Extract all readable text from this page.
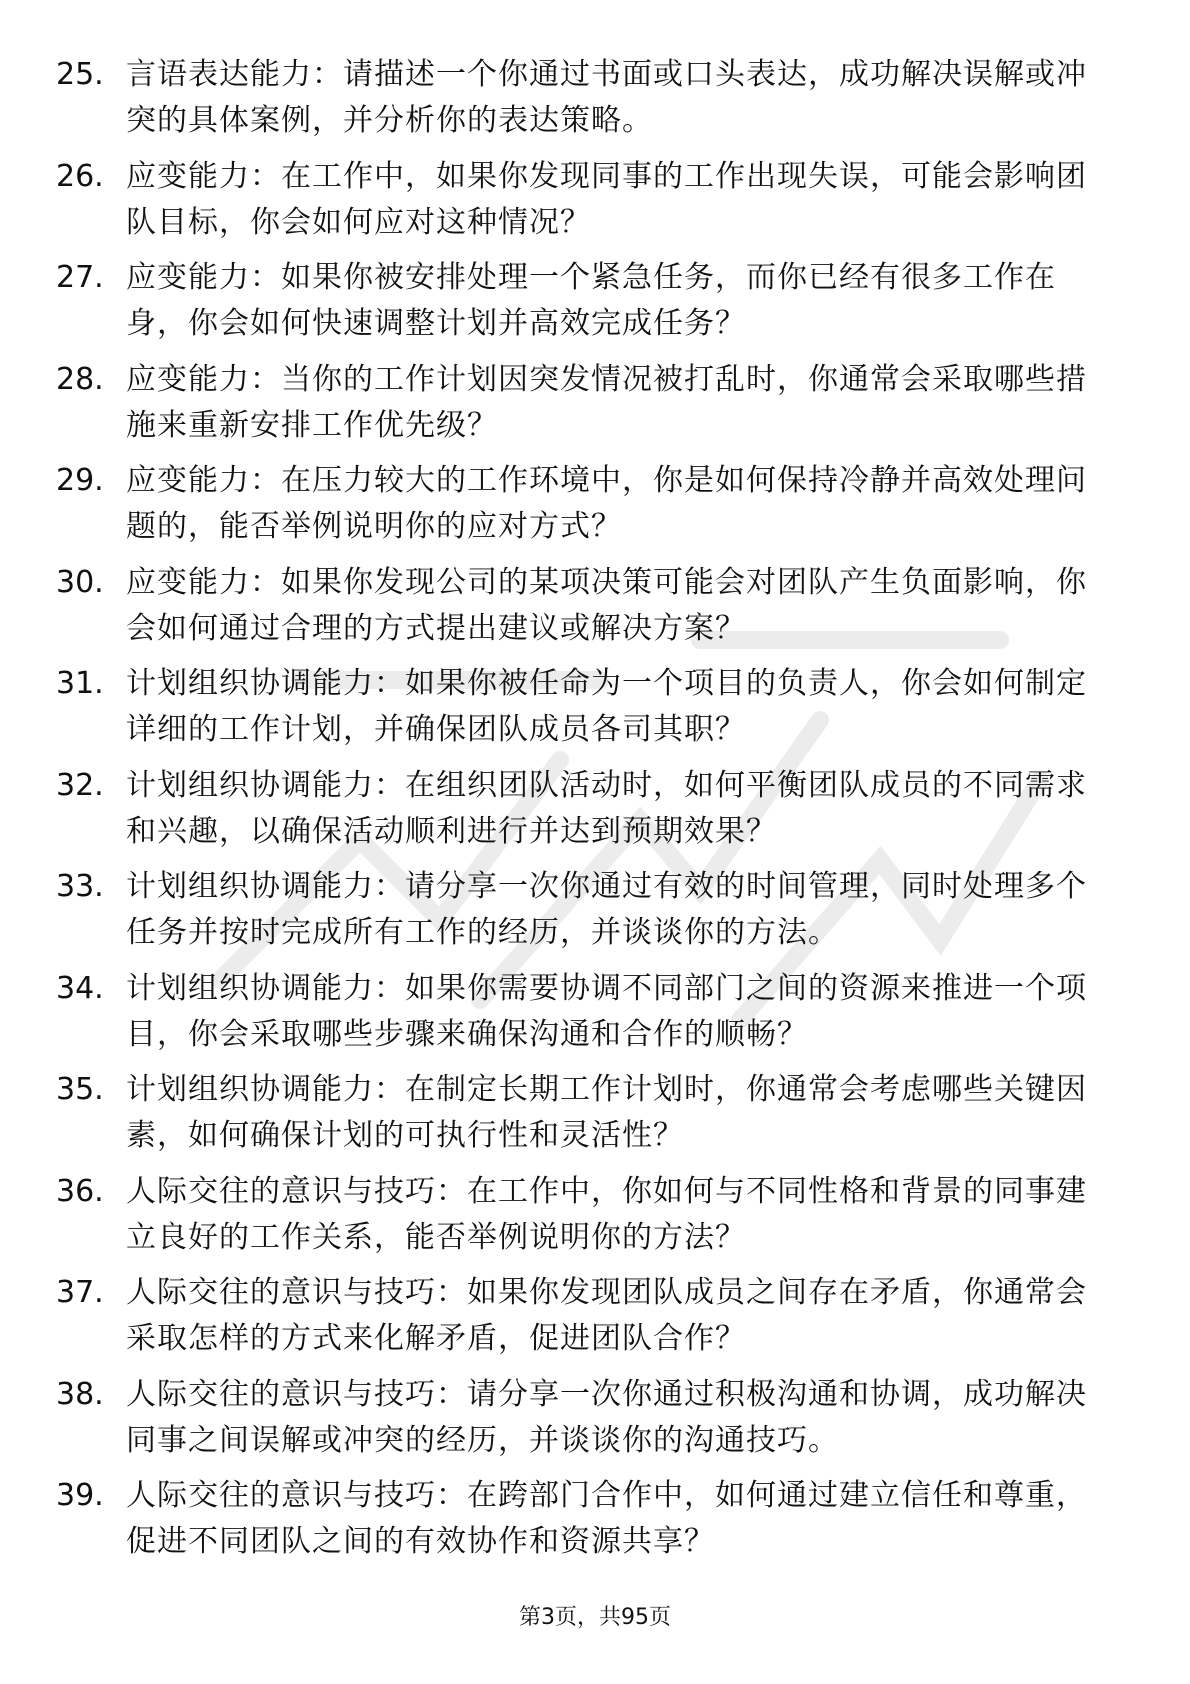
25. 言语表达能力：请描述一个你通过书面或口头表达，成功解决误解或冲突的具体案例，并分析你的表达策略。
26. 应变能力：在工作中，如果你发现同事的工作出现失误，可能会影响团队目标，你会如何应对这种情况？
27. 应变能力：如果你被安排处理一个紧急任务，而你已经有很多工作在身，你会如何快速调整计划并高效完成任务？
28. 应变能力：当你的工作计划因突发情况被打乱时，你通常会采取哪些措施来重新安排工作优先级？
29. 应变能力：在压力较大的工作环境中，你是如何保持冷静并高效处理问题的，能否举例说明你的应对方式？
30. 应变能力：如果你发现公司的某项决策可能会对团队产生负面影响，你会如何通过合理的方式提出建议或解决方案？
31. 计划组织协调能力：如果你被任命为一个项目的负责人，你会如何制定详细的工作计划，并确保团队成员各司其职？
32. 计划组织协调能力：在组织团队活动时，如何平衡团队成员的不同需求和兴趣，以确保活动顺利进行并达到预期效果？
33. 计划组织协调能力：请分享一次你通过有效的时间管理，同时处理多个任务并按时完成所有工作的经历，并谈谈你的方法。
34. 计划组织协调能力：如果你需要协调不同部门之间的资源来推进一个项目，你会采取哪些步骤来确保沟通和合作的顺畅？
35. 计划组织协调能力：在制定长期工作计划时，你通常会考虑哪些关键因素，如何确保计划的可执行性和灵活性？
36. 人际交往的意识与技巧：在工作中，你如何与不同性格和背景的同事建立良好的工作关系，能否举例说明你的方法？
37. 人际交往的意识与技巧：如果你发现团队成员之间存在矛盾，你通常会采取怎样的方式来化解矛盾，促进团队合作？
38. 人际交往的意识与技巧：请分享一次你通过积极沟通和协调，成功解决同事之间误解或冲突的经历，并谈谈你的沟通技巧。
39. 人际交往的意识与技巧：在跨部门合作中，如何通过建立信任和尊重，促进不同团队之间的有效协作和资源共享？
第3页，共95页
